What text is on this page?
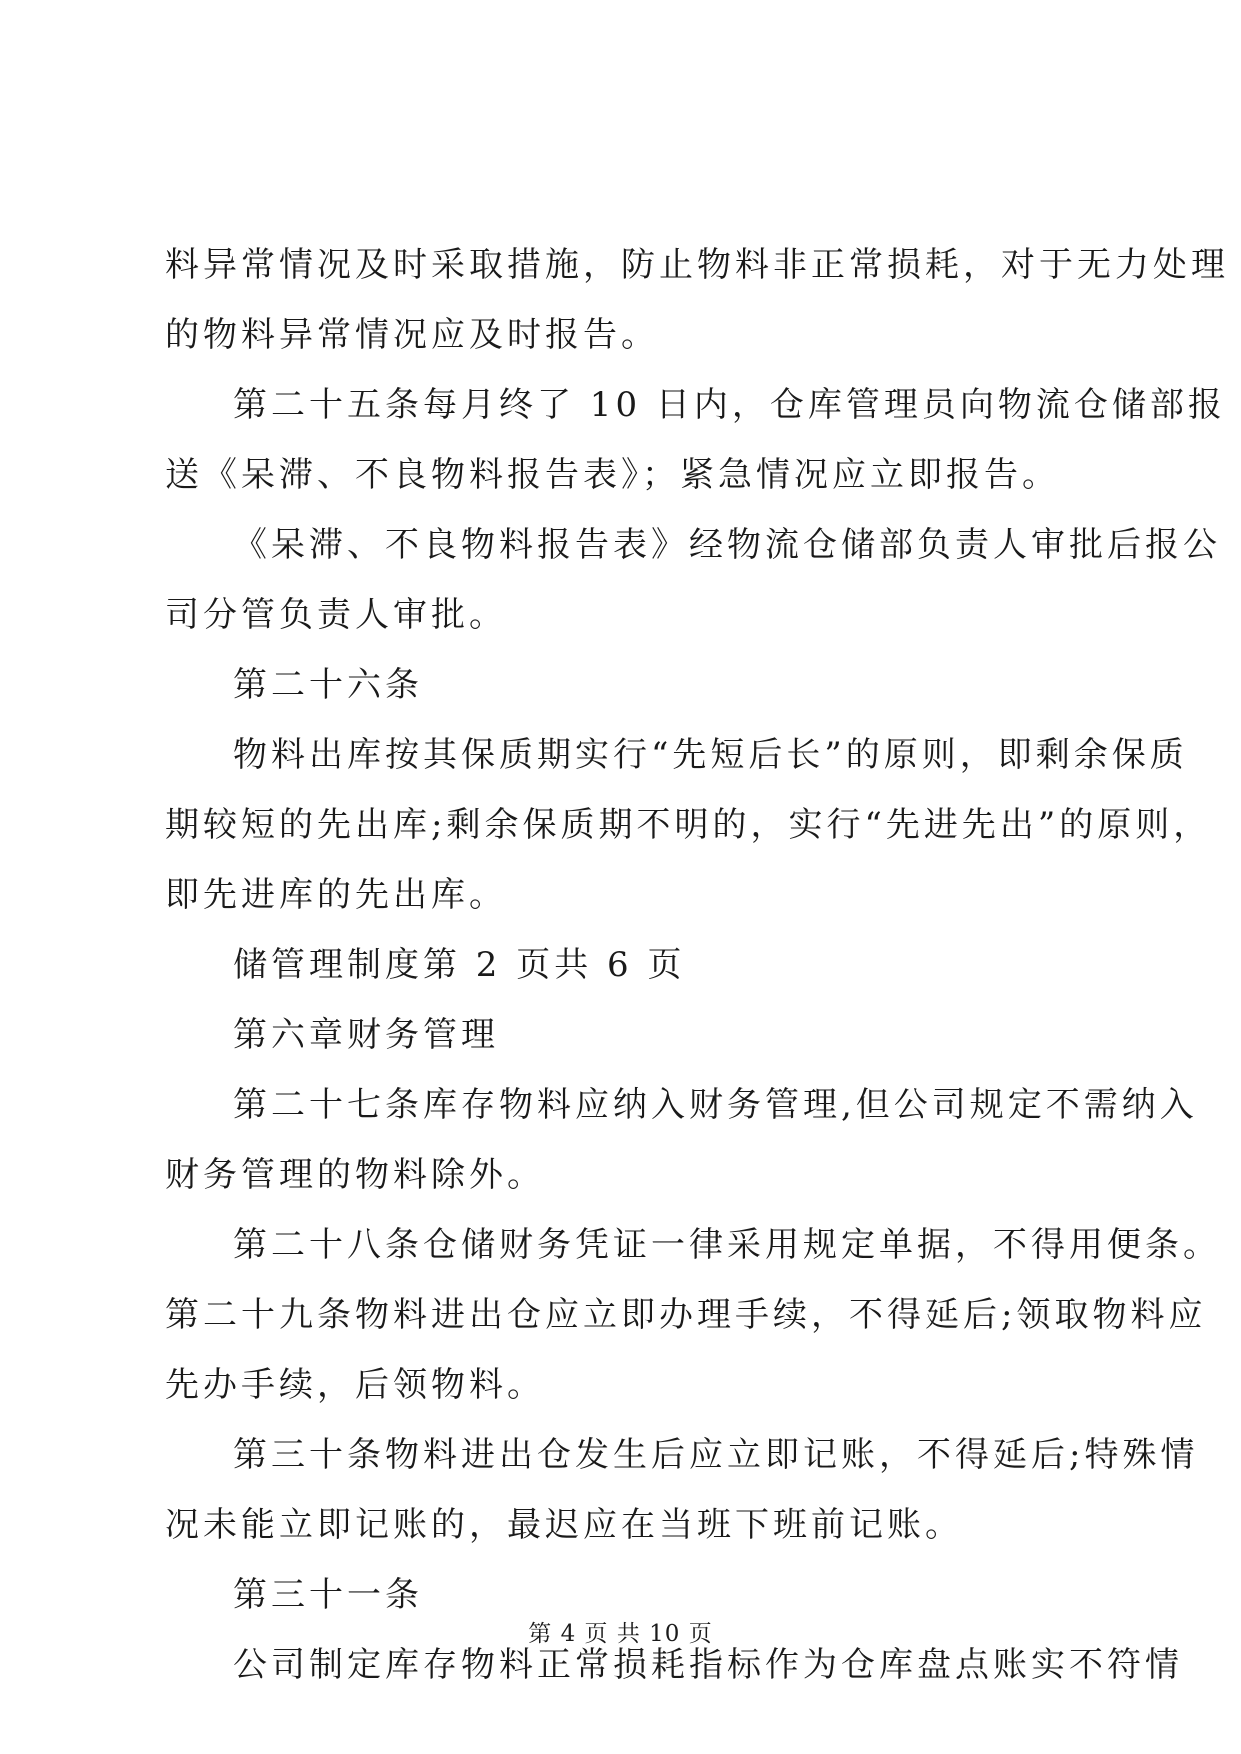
料异常情况及时采取措施，防止物料非正常损耗，对于无力处理
的物料异常情况应及时报告。
第二十五条每月终了 10 日内，仓库管理员向物流仓储部报
送《呆滞、不良物料报告表》；紧急情况应立即报告。
《呆滞、不良物料报告表》经物流仓储部负责人审批后报公
司分管负责人审批。
第二十六条
物料出库按其保质期实行“先短后长”的原则，即剩余保质
期较短的先出库;剩余保质期不明的，实行“先进先出”的原则，
即先进库的先出库。
储管理制度第 2 页共 6 页
第六章财务管理
第二十七条库存物料应纳入财务管理,但公司规定不需纳入
财务管理的物料除外。
第二十八条仓储财务凭证一律采用规定单据，不得用便条。
第二十九条物料进出仓应立即办理手续，不得延后;领取物料应
先办手续，后领物料。
第三十条物料进出仓发生后应立即记账，不得延后;特殊情
况未能立即记账的，最迟应在当班下班前记账。
第三十一条
公司制定库存物料正常损耗指标作为仓库盘点账实不符情
第 4 页 共 10 页
